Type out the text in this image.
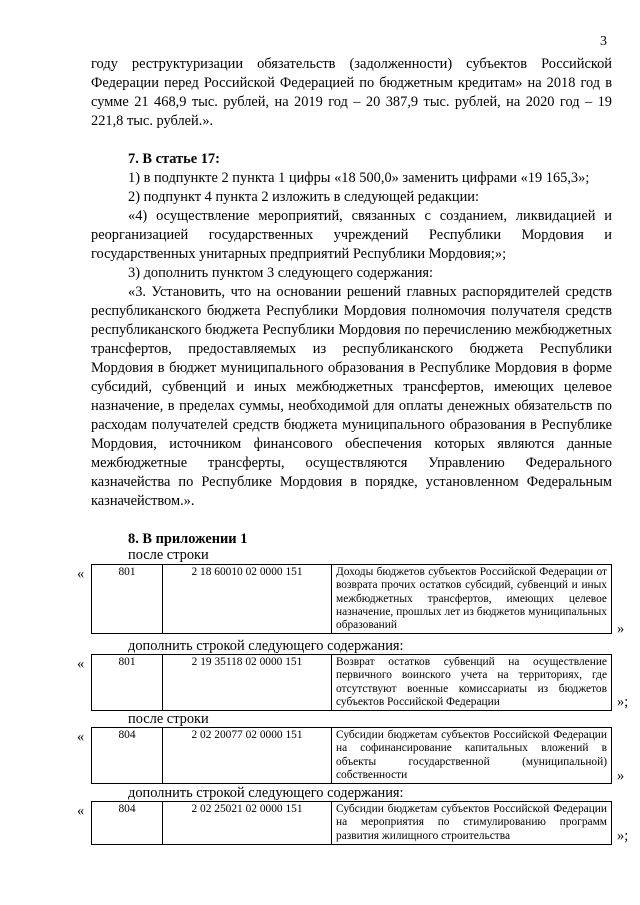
3

году реструктуризации обязательств (задолженности) субъектов Российской Федерации перед Российской Федерацией по бюджетным кредитам» на 2018 год в сумме 21 468,9 тыс. рублей, на 2019 год – 20 387,9 тыс. рублей, на 2020 год – 19 221,8 тыс. рублей.».

7. В статье 17:

1) в подпункте 2 пункта 1 цифры «18 500,0» заменить цифрами «19 165,3»;

2) подпункт 4 пункта 2 изложить в следующей редакции:

«4) осуществление мероприятий, связанных с созданием, ликвидацией и реорганизацией государственных учреждений Республики Мордовия и государственных унитарных предприятий Республики Мордовия;»;

3) дополнить пунктом 3 следующего содержания:

«3. Установить, что на основании решений главных распорядителей средств республиканского бюджета Республики Мордовия полномочия получателя средств республиканского бюджета Республики Мордовия по перечислению межбюджетных трансфертов, предоставляемых из республиканского бюджета Республики Мордовия в бюджет муниципального образования в Республике Мордовия в форме субсидий, субвенций и иных межбюджетных трансфертов, имеющих целевое назначение, в пределах суммы, необходимой для оплаты денежных обязательств по расходам получателей средств бюджета муниципального образования в Республике Мордовия, источником финансового обеспечения которых являются данные межбюджетные трансферты, осуществляются Управлению Федерального казначейства по Республике Мордовия в порядке, установленном Федеральным казначейством.».

8. В приложении 1

после строки
«	801	2 18 60010 02 0000 151	Доходы бюджетов субъектов Российской Федерации от возврата прочих остатков субсидий, субвенций и иных межбюджетных трансфертов, имеющих целевое назначение, прошлых лет из бюджетов муниципальных образований	»
дополнить строкой следующего содержания:
«	801	2 19 35118 02 0000 151	Возврат остатков субвенций на осуществление первичного воинского учета на территориях, где отсутствуют военные комиссариаты из бюджетов субъектов Российской Федерации	»;
после строки
«	804	2 02 20077 02 0000 151	Субсидии бюджетам субъектов Российской Федерации на софинансирование капитальных вложений в объекты государственной (муниципальной) собственности	»
дополнить строкой следующего содержания:
«	804	2 02 25021 02 0000 151	Субсидии бюджетам субъектов Российской Федерации на мероприятия по стимулированию программ развития жилищного строительства	»;
